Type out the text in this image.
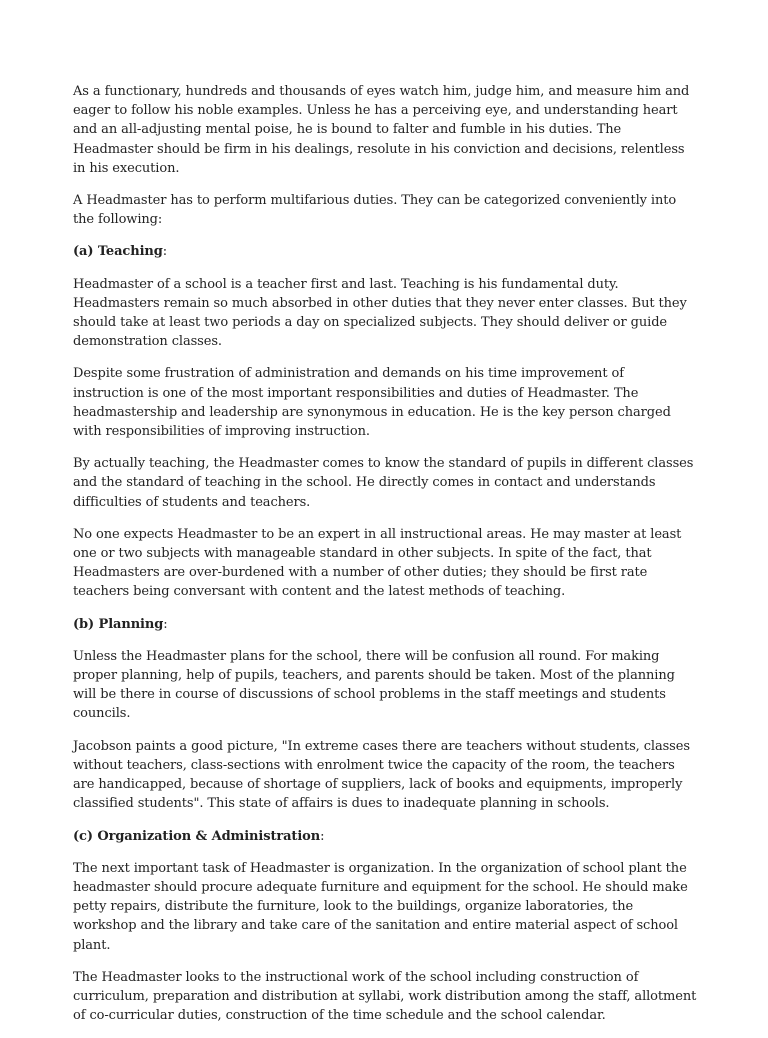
As a functionary, hundreds and thousands of eyes watch him, judge him, and measure him and eager to follow his noble examples. Unless he has a perceiving eye, and understanding heart and an all-adjusting mental poise, he is bound to falter and fumble in his duties. The Headmaster should be firm in his dealings, resolute in his conviction and decisions, relentless in his execution.

A Headmaster has to perform multifarious duties. They can be categorized conveniently into the following:

(a) Teaching:

Headmaster of a school is a teacher first and last. Teaching is his fundamental duty. Headmasters remain so much absorbed in other duties that they never enter classes. But they should take at least two periods a day on specialized subjects. They should deliver or guide demonstration classes.

Despite some frustration of administration and demands on his time improvement of instruction is one of the most important responsibilities and duties of Headmaster. The headmastership and leadership are synonymous in education. He is the key person charged with responsibilities of improving instruction.

By actually teaching, the Headmaster comes to know the standard of pupils in different classes and the standard of teaching in the school. He directly comes in contact and understands difficulties of students and teachers.

No one expects Headmaster to be an expert in all instructional areas. He may master at least one or two subjects with manageable standard in other subjects. In spite of the fact, that Headmasters are over-burdened with a number of other duties; they should be first rate teachers being conversant with content and the latest methods of teaching.

(b) Planning:

Unless the Headmaster plans for the school, there will be confusion all round. For making proper planning, help of pupils, teachers, and parents should be taken. Most of the planning will be there in course of discussions of school problems in the staff meetings and students councils.

Jacobson paints a good picture, "In extreme cases there are teachers without students, classes without teachers, class-sections with enrolment twice the capacity of the room, the teachers are handicapped, because of shortage of suppliers, lack of books and equipments, improperly classified students". This state of affairs is dues to inadequate planning in schools.

(c) Organization & Administration:

The next important task of Headmaster is organization. In the organization of school plant the headmaster should procure adequate furniture and equipment for the school. He should make petty repairs, distribute the furniture, look to the buildings, organize laboratories, the workshop and the library and take care of the sanitation and entire material aspect of school plant.

The Headmaster looks to the instructional work of the school including construction of curriculum, preparation and distribution at syllabi, work distribution among the staff, allotment of co-curricular duties, construction of the time schedule and the school calendar.
